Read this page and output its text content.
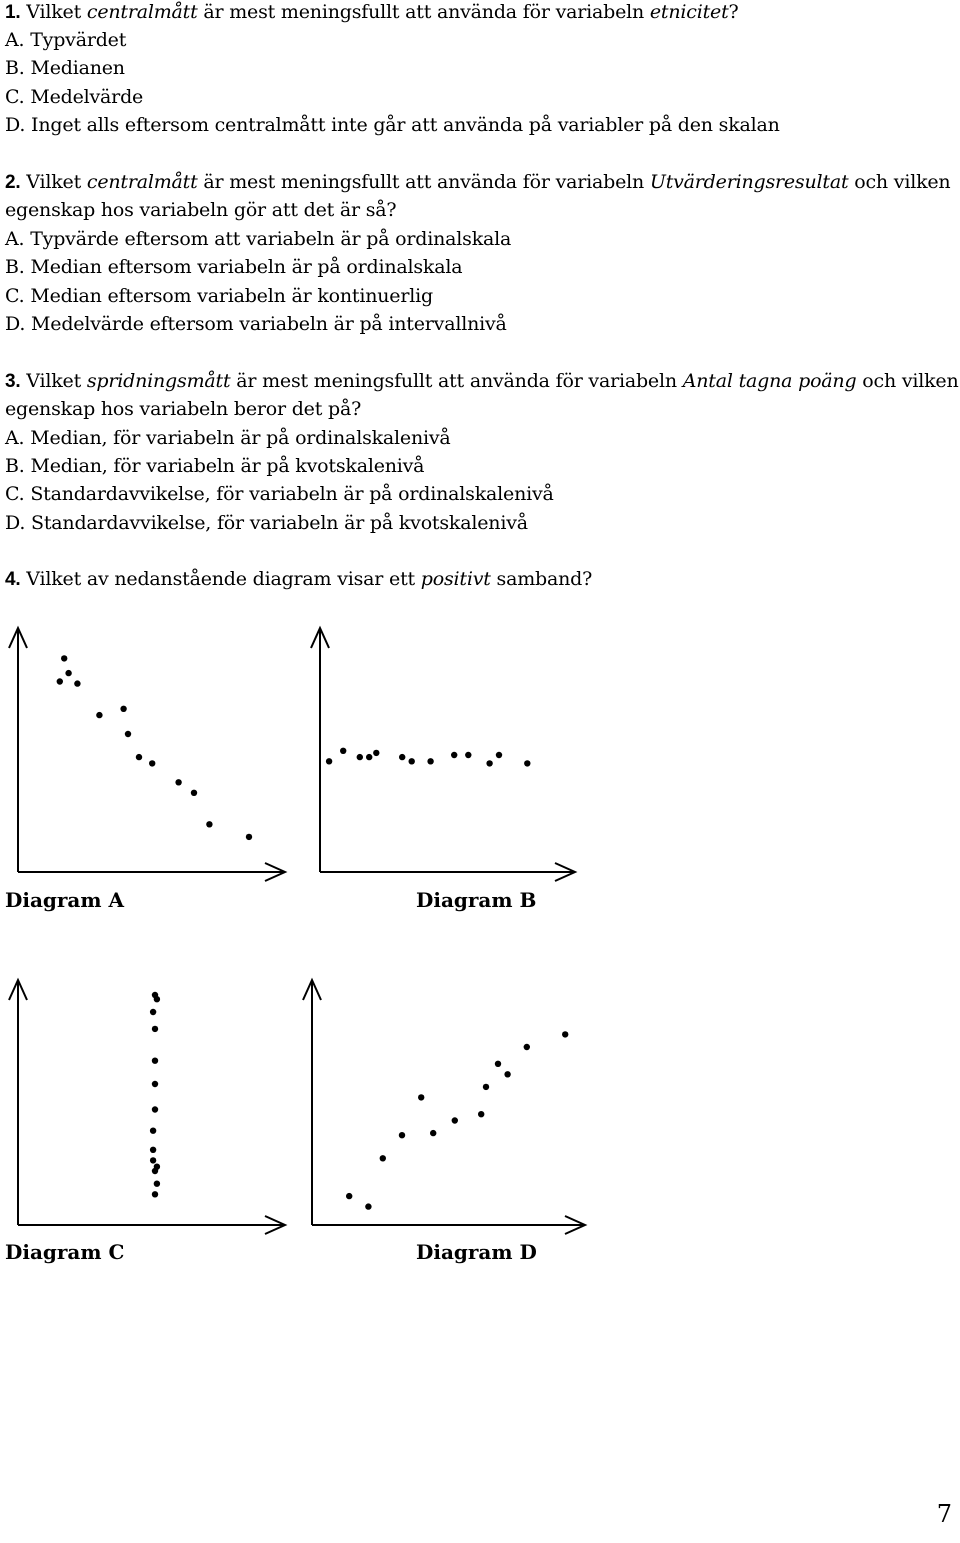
1. Vilket centralmått är mest meningsfullt att använda för variabeln etnicitet?
A. Typvärdet
B. Medianen
C. Medelvärde
D. Inget alls eftersom centralmått inte går att använda på variabler på den skalan
2. Vilket centralmått är mest meningsfullt att använda för variabeln Utvärderingsresultat och vilken
egenskap hos variabeln gör att det är så?
A. Typvärde eftersom att variabeln är på ordinalskala
B. Median eftersom variabeln är på ordinalskala
C. Median eftersom variabeln är kontinuerlig
D. Medelvärde eftersom variabeln är på intervallnivå
3. Vilket spridningsmått är mest meningsfullt att använda för variabeln Antal tagna poäng och vilken
egenskap hos variabeln beror det på?
A. Median, för variabeln är på ordinalskalenivå
B. Median, för variabeln är på kvotskalenivå
C. Standardavvikelse, för variabeln är på ordinalskalenivå
D. Standardavvikelse, för variabeln är på kvotskalenivå
4. Vilket av nedanstående diagram visar ett positivt samband?
Diagram A	Diagram B
Diagram C	Diagram D
7
